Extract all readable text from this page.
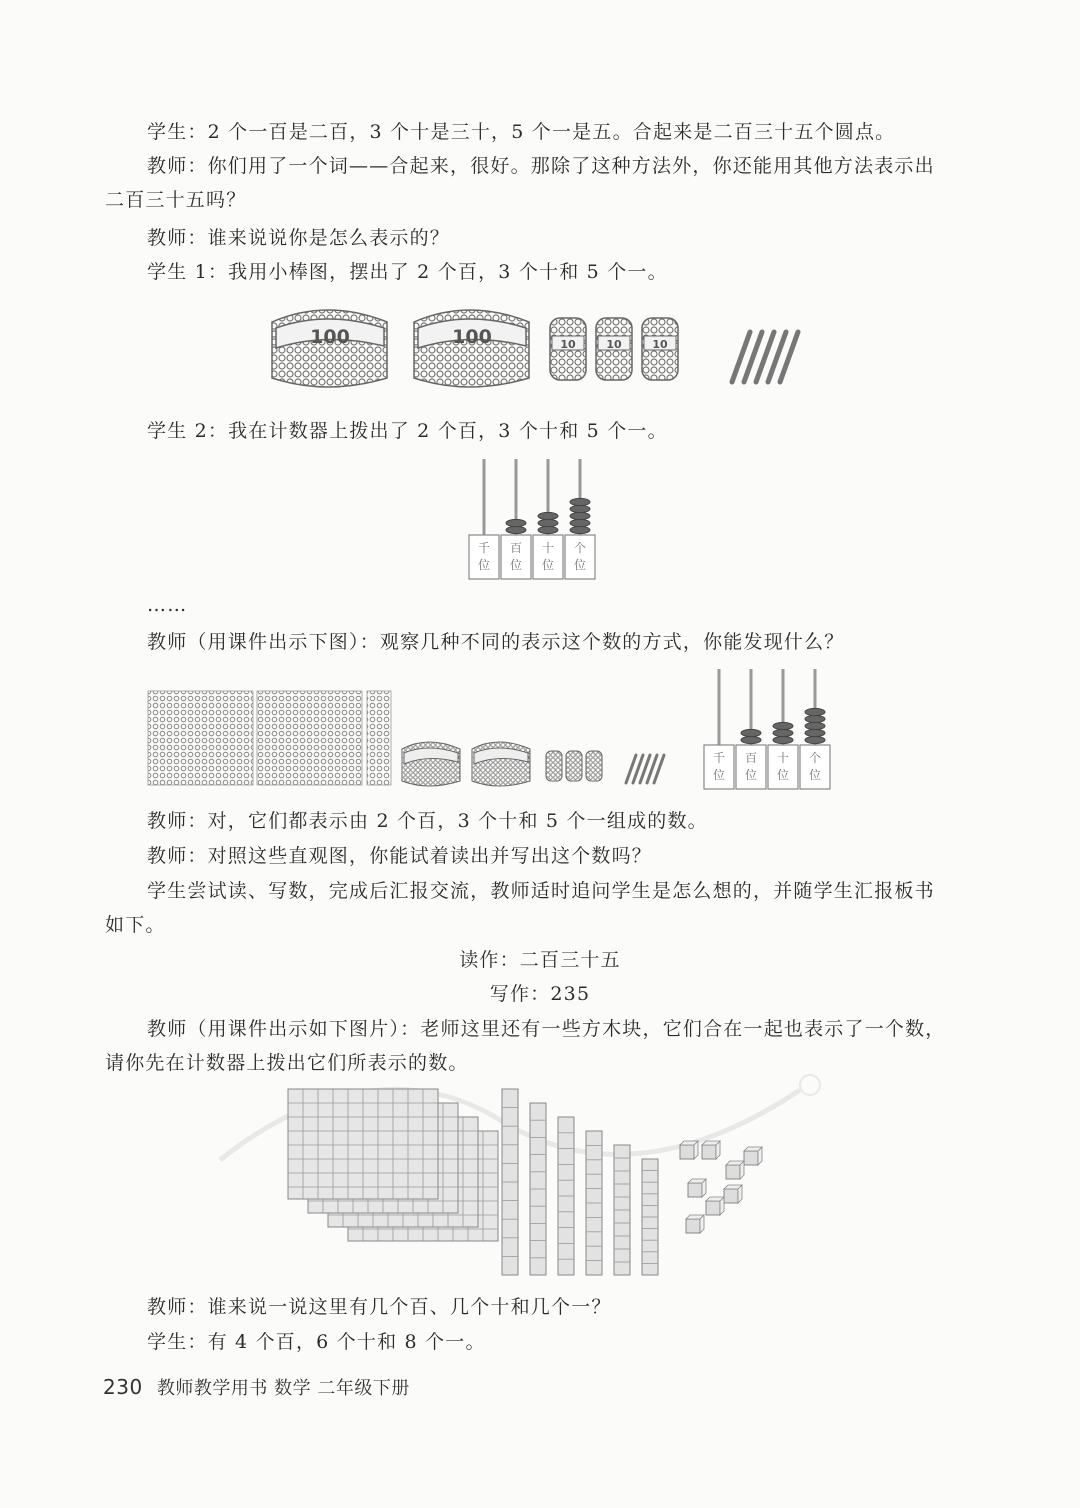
学生：2 个一百是二百，3 个十是三十，5 个一是五。合起来是二百三十五个圆点。
教师：你们用了一个词——合起来，很好。那除了这种方法外，你还能用其他方法表示出
二百三十五吗？
教师：谁来说说你是怎么表示的？
学生 1：我用小棒图，摆出了 2 个百，3 个十和 5 个一。
100	100	10	10	10
学生 2：我在计数器上拨出了 2 个百，3 个十和 5 个一。
千
位
百
位
十
位
个
位
……
教师（用课件出示下图）：观察几种不同的表示这个数的方式，你能发现什么？
千
位
百
位
十
位
个
位
教师：对，它们都表示由 2 个百，3 个十和 5 个一组成的数。
教师：对照这些直观图，你能试着读出并写出这个数吗？
学生尝试读、写数，完成后汇报交流，教师适时追问学生是怎么想的，并随学生汇报板书
如下。
读作：二百三十五
写作：235
教师（用课件出示如下图片）：老师这里还有一些方木块，它们合在一起也表示了一个数，
请你先在计数器上拨出它们所表示的数。
教师：谁来说一说这里有几个百、几个十和几个一？
学生：有 4 个百，6 个十和 8 个一。
230 教师教学用书 数学 二年级下册
